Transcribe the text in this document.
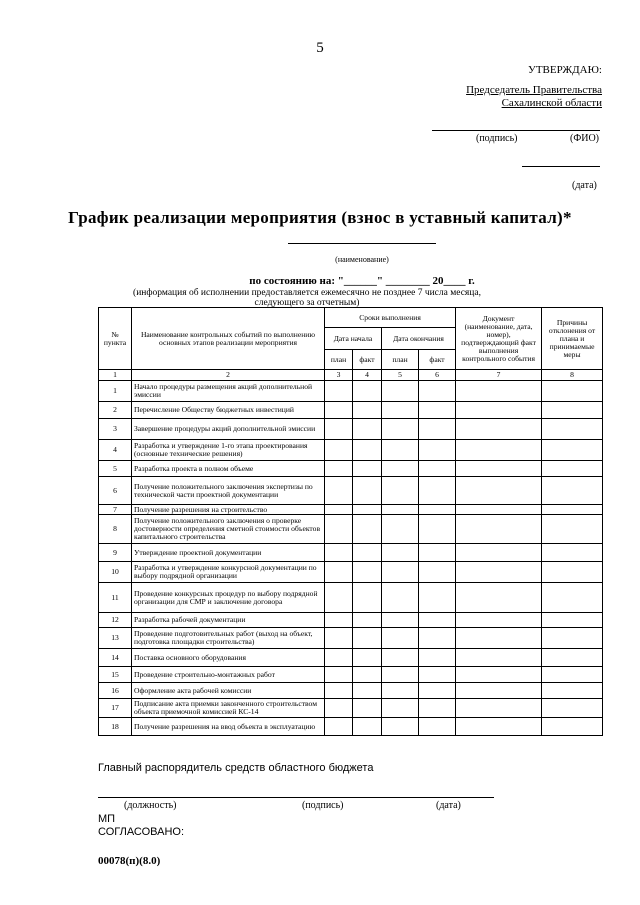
5
УТВЕРЖДАЮ:
Председатель Правительства
Сахалинской области
(подпись)	(ФИО)
(дата)
График реализации мероприятия (взнос в уставный капитал)*
(наименование)
по состоянию на: "______" ________ 20____ г.
(информация об исполнении предоставляется ежемесячно не позднее 7 числа месяца,
следующего за отчетным)
№ пункта	Наименование контрольных событий по выполнению основных этапов реализации мероприятия	Сроки выполнения				Документ (наименование, дата, номер), подтверждающий факт выполнения контрольного события	Причины отклонения от плана и принимаемые меры
		Дата начала		Дата окончания			
		план	факт	план	факт		
1	2	3	4	5	6	7	8
1	Начало процедуры размещения акций дополнительной эмиссии						
2	Перечисление Обществу бюджетных инвестиций						
3	Завершение процедуры акций дополнительной эмиссии						
4	Разработка и утверждение 1-го этапа проектирования (основные технические решения)						
5	Разработка проекта в полном объеме						
6	Получение положительного заключения экспертизы по технической части проектной документации						
7	Получение разрешения на строительство						
8	Получение положительного заключения о проверке достоверности определения сметной стоимости объектов капитального строительства						
9	Утверждение проектной документации						
10	Разработка и утверждение конкурсной документации по выбору подрядной организации						
11	Проведение конкурсных процедур по выбору подрядной организации для СМР и заключение договора						
12	Разработка рабочей документации						
13	Проведение подготовительных работ (выход на объект, подготовка площадки строительства)						
14	Поставка основного оборудования						
15	Проведение строительно-монтажных работ						
16	Оформление акта рабочей комиссии						
17	Подписание акта приемки законченного строительством объекта приемочной комиссией КС-14						
18	Получение разрешения на ввод объекта в эксплуатацию						
Главный распорядитель средств областного бюджета
(должность)	(подпись)	(дата)
МП
СОГЛАСОВАНО:
00078(п)(8.0)
